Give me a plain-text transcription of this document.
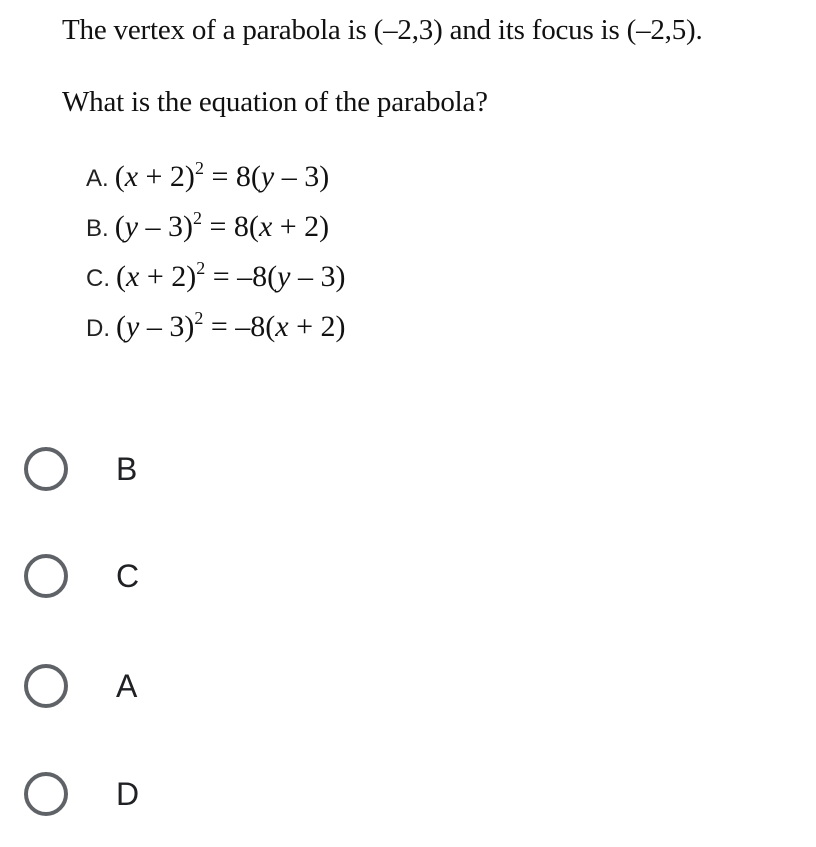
The vertex of a parabola is (–2,3) and its focus is (–2,5).
What is the equation of the parabola?
A. $(x + 2)^2 = 8(y - 3)$
B. (y – 3)$^2$ = 8(x + 2)
C. $(x + 2)^2 = -8(y - 3)$
D. (y – 3)$^2$ = –8(x + 2)
B
C
A
D
